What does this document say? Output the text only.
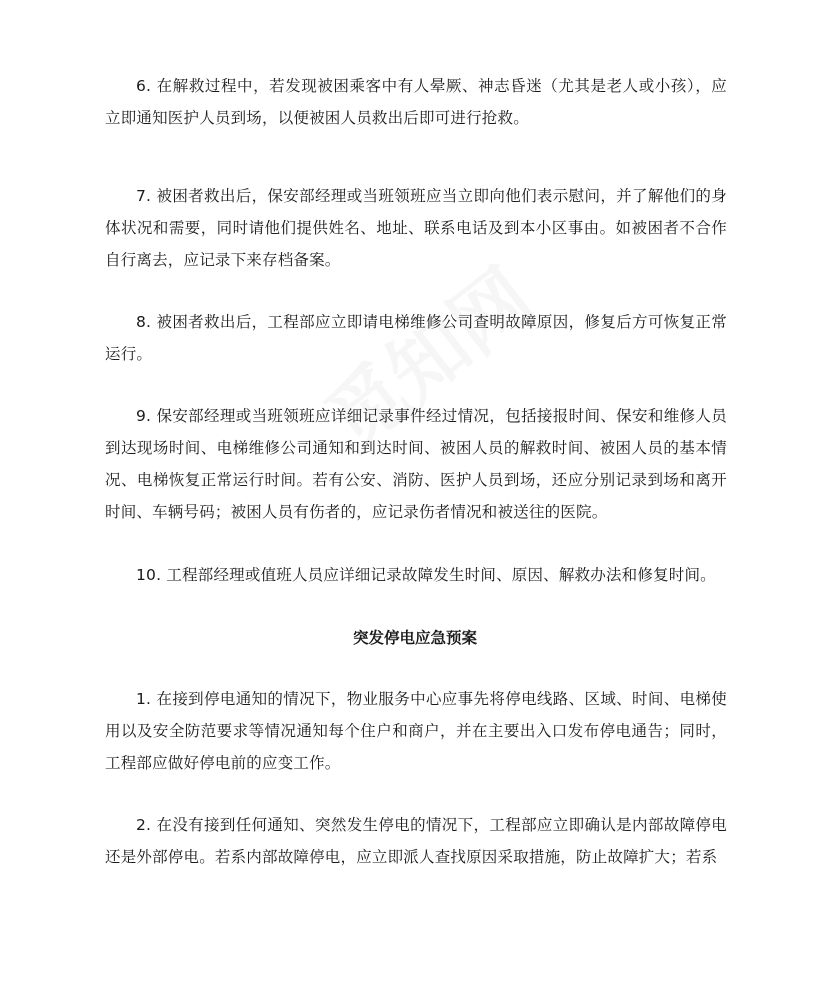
6. 在解救过程中，若发现被困乘客中有人晕厥、神志昏迷（尤其是老人或小孩），应立即通知医护人员到场，以便被困人员救出后即可进行抢救。

7. 被困者救出后，保安部经理或当班领班应当立即向他们表示慰问，并了解他们的身体状况和需要，同时请他们提供姓名、地址、联系电话及到本小区事由。如被困者不合作自行离去，应记录下来存档备案。

8. 被困者救出后，工程部应立即请电梯维修公司查明故障原因，修复后方可恢复正常运行。

9. 保安部经理或当班领班应详细记录事件经过情况，包括接报时间、保安和维修人员到达现场时间、电梯维修公司通知和到达时间、被困人员的解救时间、被困人员的基本情况、电梯恢复正常运行时间。若有公安、消防、医护人员到场，还应分别记录到场和离开时间、车辆号码；被困人员有伤者的，应记录伤者情况和被送往的医院。

10. 工程部经理或值班人员应详细记录故障发生时间、原因、解救办法和修复时间。

突发停电应急预案

1. 在接到停电通知的情况下，物业服务中心应事先将停电线路、区域、时间、电梯使用以及安全防范要求等情况通知每个住户和商户，并在主要出入口发布停电通告；同时，工程部应做好停电前的应变工作。

2. 在没有接到任何通知、突然发生停电的情况下，工程部应立即确认是内部故障停电还是外部停电。若系内部故障停电，应立即派人查找原因采取措施，防止故障扩大；若系
